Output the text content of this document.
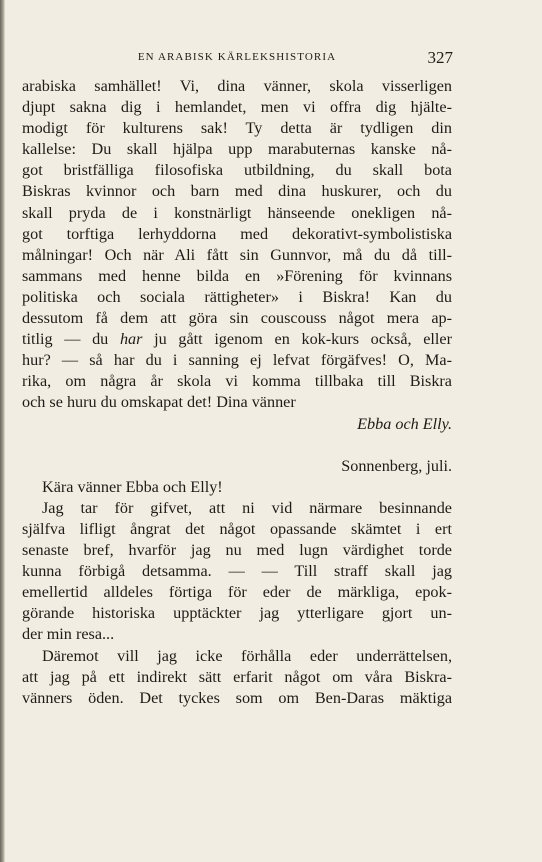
EN ARABISK KÄRLEKSHISTORIA	327
arabiska samhället! Vi, dina vänner, skola visserligen
djupt sakna dig i hemlandet, men vi offra dig hjälte-
modigt för kulturens sak! Ty detta är tydligen din
kallelse: Du skall hjälpa upp marabuternas kanske nå-
got bristfälliga filosofiska utbildning, du skall bota
Biskras kvinnor och barn med dina huskurer, och du
skall pryda de i konstnärligt hänseende onekligen nå-
got torftiga lerhyddorna med dekorativt-symbolistiska
målningar! Och när Ali fått sin Gunnvor, må du då till-
sammans med henne bilda en »Förening för kvinnans
politiska och sociala rättigheter» i Biskra! Kan du
dessutom få dem att göra sin couscouss något mera ap-
titlig — du har ju gått igenom en kok-kurs också, eller
hur? — så har du i sanning ej lefvat förgäfves! O, Ma-
rika, om några år skola vi komma tillbaka till Biskra
och se huru du omskapat det! Dina vänner
Ebba och Elly.
Sonnenberg, juli.
Kära vänner Ebba och Elly!
Jag tar för gifvet, att ni vid närmare besinnande
själfva lifligt ångrat det något opassande skämtet i ert
senaste bref, hvarför jag nu med lugn värdighet torde
kunna förbigå detsamma. — — Till straff skall jag
emellertid alldeles förtiga för eder de märkliga, epok-
görande historiska upptäckter jag ytterligare gjort un-
der min resa...
Däremot vill jag icke förhålla eder underrättelsen,
att jag på ett indirekt sätt erfarit något om våra Biskra-
vänners öden. Det tyckes som om Ben-Daras mäktiga
